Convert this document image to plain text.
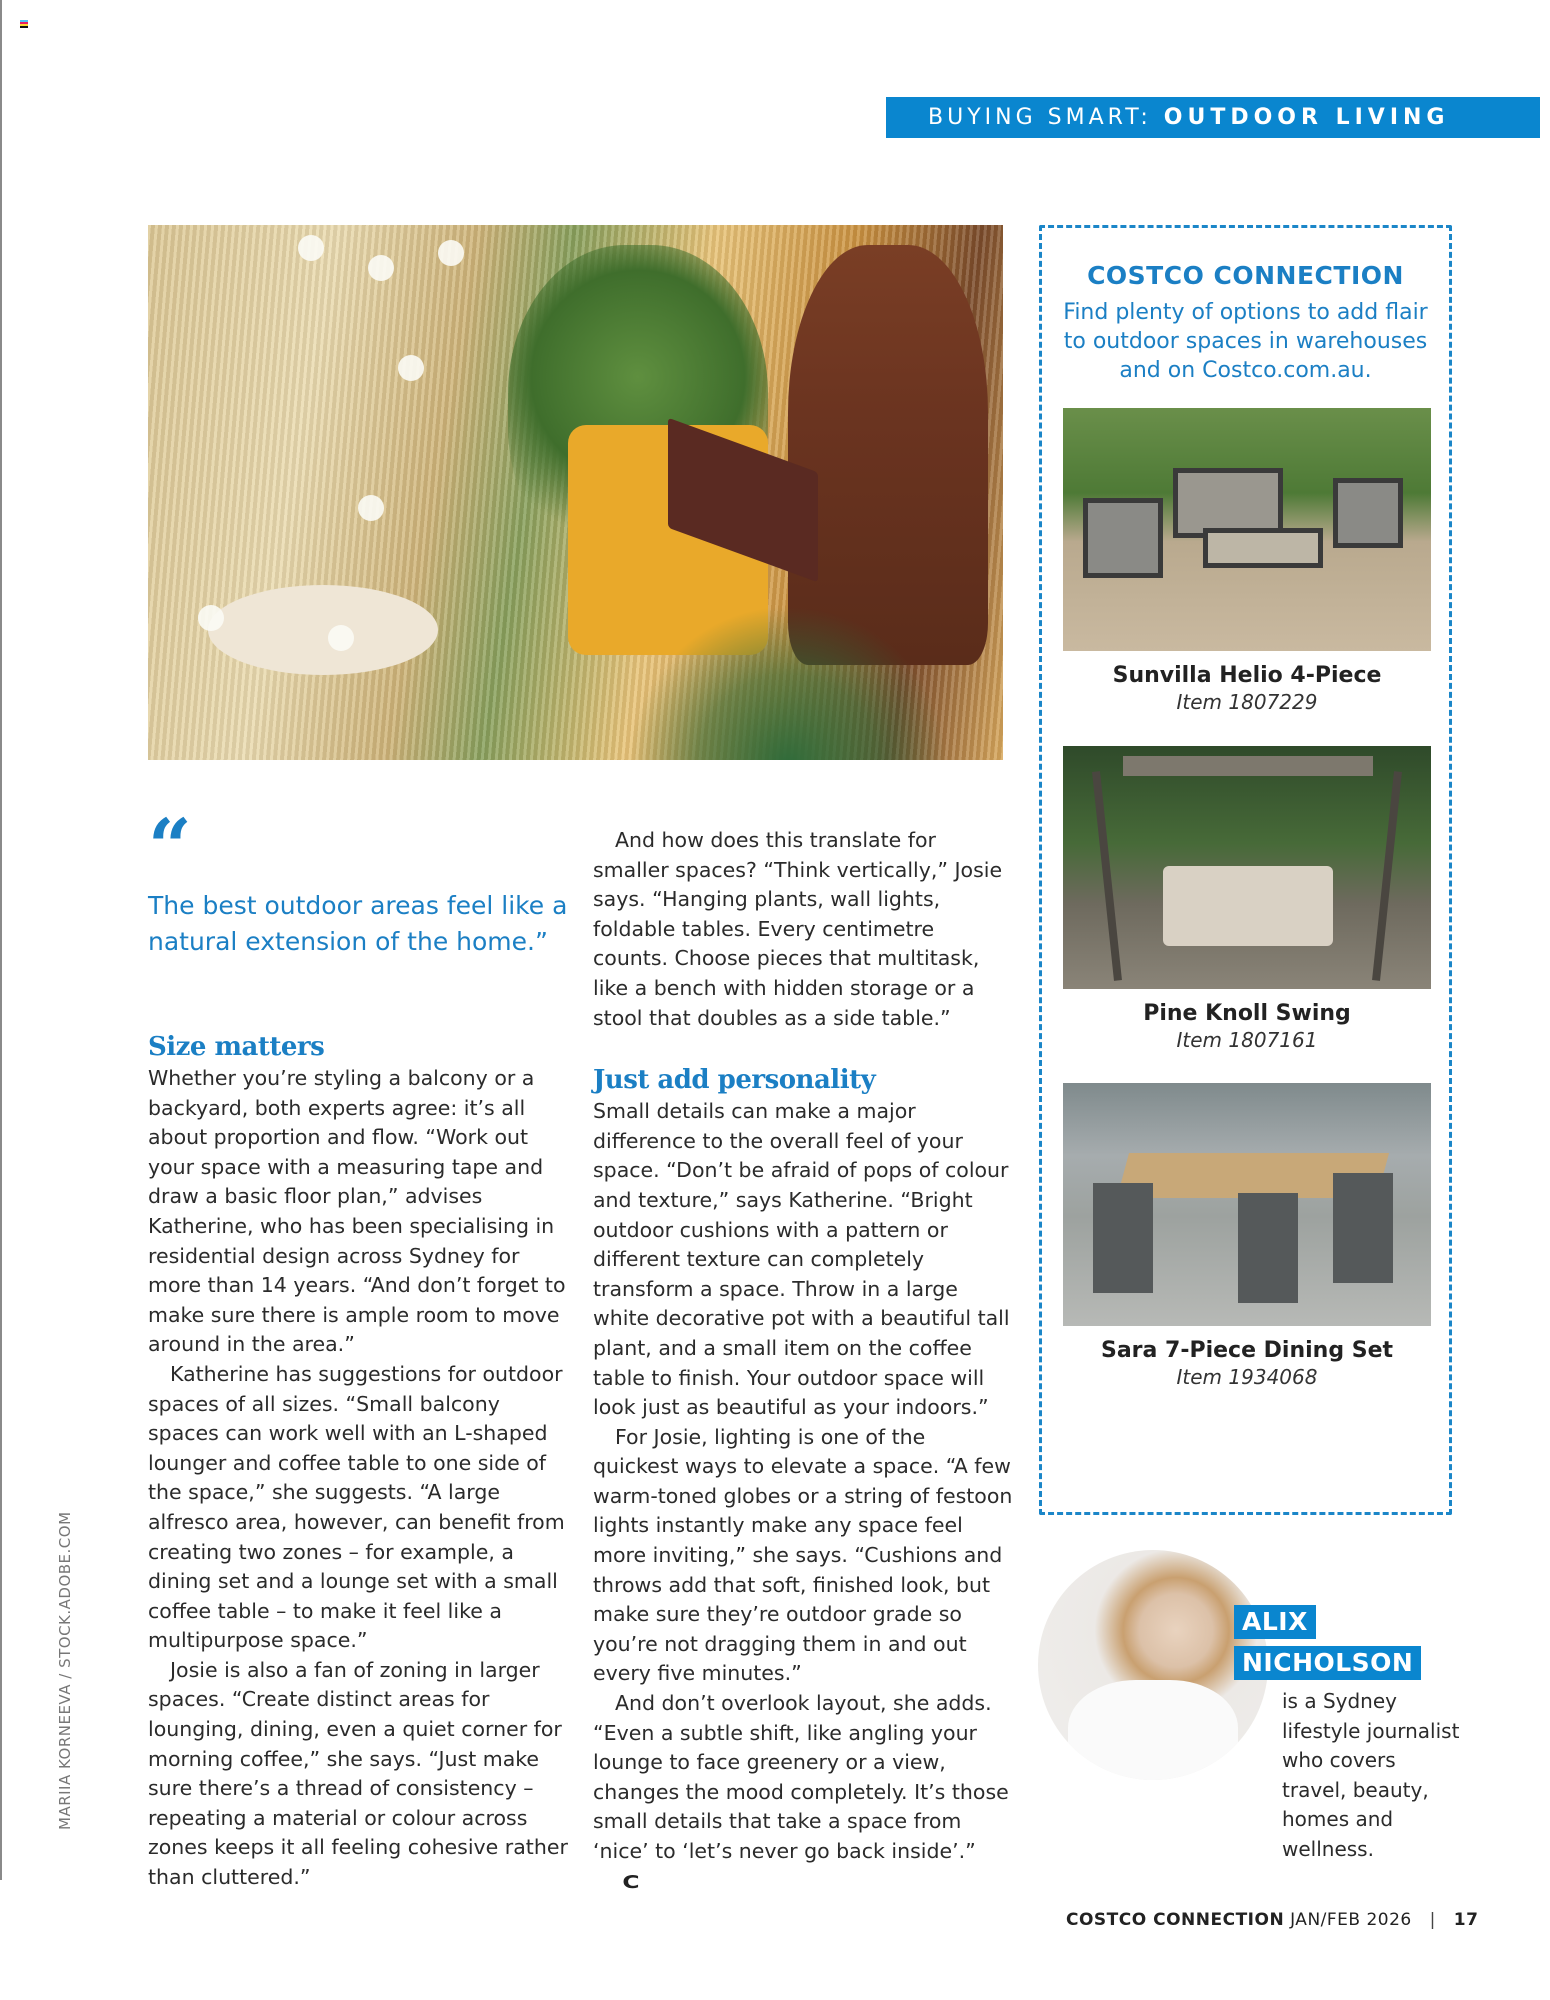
BUYING SMART: OUTDOOR LIVING
MARIIA KORNEEVA / STOCK.ADOBE.COM
“
The best outdoor areas feel like a natural extension of the home.”
Size matters

Whether you’re styling a balcony or a backyard, both experts agree: it’s all about proportion and flow. “Work out your space with a measuring tape and draw a basic floor plan,” advises Katherine, who has been specialising in residential design across Sydney for more than 14 years. “And don’t forget to make sure there is ample room to move around in the area.”

Katherine has suggestions for outdoor spaces of all sizes. “Small balcony spaces can work well with an L-shaped lounger and coffee table to one side of the space,” she suggests. “A large alfresco area, however, can benefit from creating two zones – for example, a dining set and a lounge set with a small coffee table – to make it feel like a multipurpose space.”

Josie is also a fan of zoning in larger spaces. “Create distinct areas for lounging, dining, even a quiet corner for morning coffee,” she says. “Just make sure there’s a thread of consistency – repeating a material or colour across zones keeps it all feeling cohesive rather than cluttered.”

And how does this translate for smaller spaces? “Think vertically,” Josie says. “Hanging plants, wall lights, foldable tables. Every centimetre counts. Choose pieces that multitask, like a bench with hidden storage or a stool that doubles as a side table.”

Just add personality

Small details can make a major difference to the overall feel of your space. “Don’t be afraid of pops of colour and texture,” says Katherine. “Bright outdoor cushions with a pattern or different texture can completely transform a space. Throw in a large white decorative pot with a beautiful tall plant, and a small item on the coffee table to finish. Your outdoor space will look just as beautiful as your indoors.”

For Josie, lighting is one of the quickest ways to elevate a space. “A few warm-toned globes or a string of festoon lights instantly make any space feel more inviting,” she says. “Cushions and throws add that soft, finished look, but make sure they’re outdoor grade so you’re not dragging them in and out every five minutes.”

And don’t overlook layout, she adds. “Even a subtle shift, like angling your lounge to face greenery or a view, changes the mood completely. It’s those small details that take a space from ‘nice’ to ‘let’s never go back inside’.”C

COSTCO CONNECTION
Find plenty of options to add flair to outdoor spaces in warehouses and on Costco.com.au.
Sunvilla Helio 4-Piece
Item 1807229
Pine Knoll Swing
Item 1807161
Sara 7-Piece Dining Set
Item 1934068
ALIX
NICHOLSON
is a Sydney lifestyle journalist who covers travel, beauty, homes and wellness.
COSTCO CONNECTION JAN/FEB 2026 | 17
